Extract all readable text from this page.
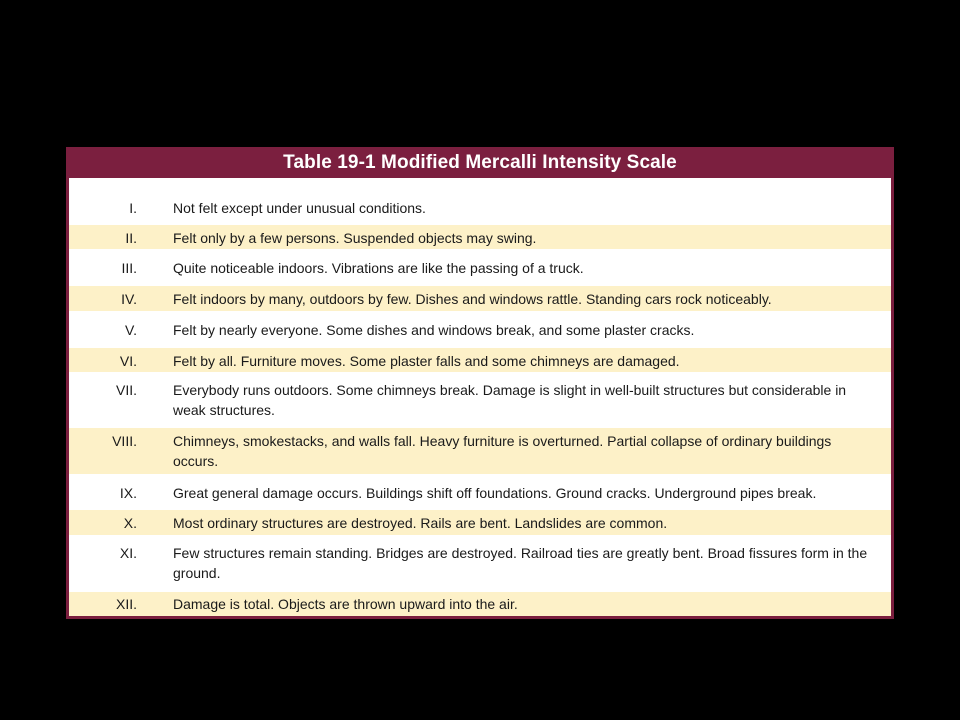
Table 19-1 Modified Mercalli Intensity Scale
I.	Not felt except under unusual conditions.
II.	Felt only by a few persons. Suspended objects may swing.
III.	Quite noticeable indoors. Vibrations are like the passing of a truck.
IV.	Felt indoors by many, outdoors by few. Dishes and windows rattle. Standing cars rock noticeably.
V.	Felt by nearly everyone. Some dishes and windows break, and some plaster cracks.
VI.	Felt by all. Furniture moves. Some plaster falls and some chimneys are damaged.
VII.	Everybody runs outdoors. Some chimneys break. Damage is slight in well-built structures but considerable in weak structures.
VIII.	Chimneys, smokestacks, and walls fall. Heavy furniture is overturned. Partial collapse of ordinary buildings occurs.
IX.	Great general damage occurs. Buildings shift off foundations. Ground cracks. Underground pipes break.
X.	Most ordinary structures are destroyed. Rails are bent. Landslides are common.
XI.	Few structures remain standing. Bridges are destroyed. Railroad ties are greatly bent. Broad fissures form in the ground.
XII.	Damage is total. Objects are thrown upward into the air.
